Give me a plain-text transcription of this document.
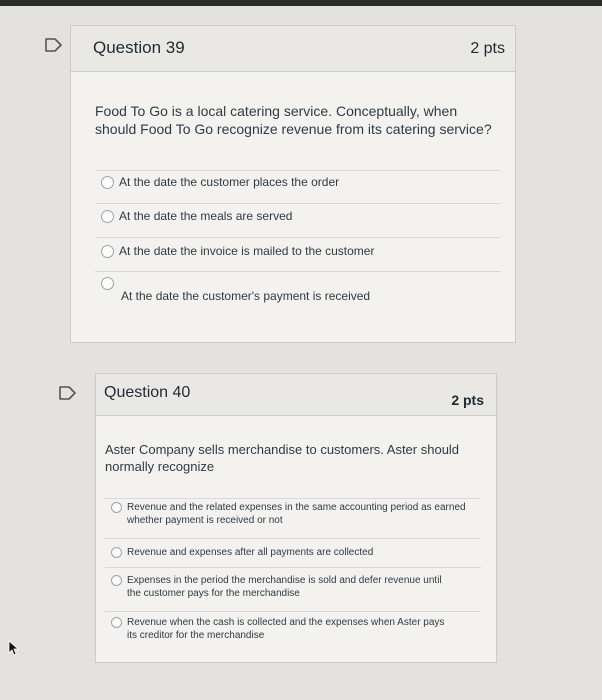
Question 39	2 pts
Food To Go is a local catering service. Conceptually, when should Food To Go recognize revenue from its catering service?
At the date the customer places the order
At the date the meals are served
At the date the invoice is mailed to the customer
At the date the customer's payment is received
Question 40	2 pts
Aster Company sells merchandise to customers. Aster should normally recognize
Revenue and the related expenses in the same accounting period as earned whether payment is received or not
Revenue and expenses after all payments are collected
Expenses in the period the merchandise is sold and defer revenue until the customer pays for the merchandise
Revenue when the cash is collected and the expenses when Aster pays its creditor for the merchandise
